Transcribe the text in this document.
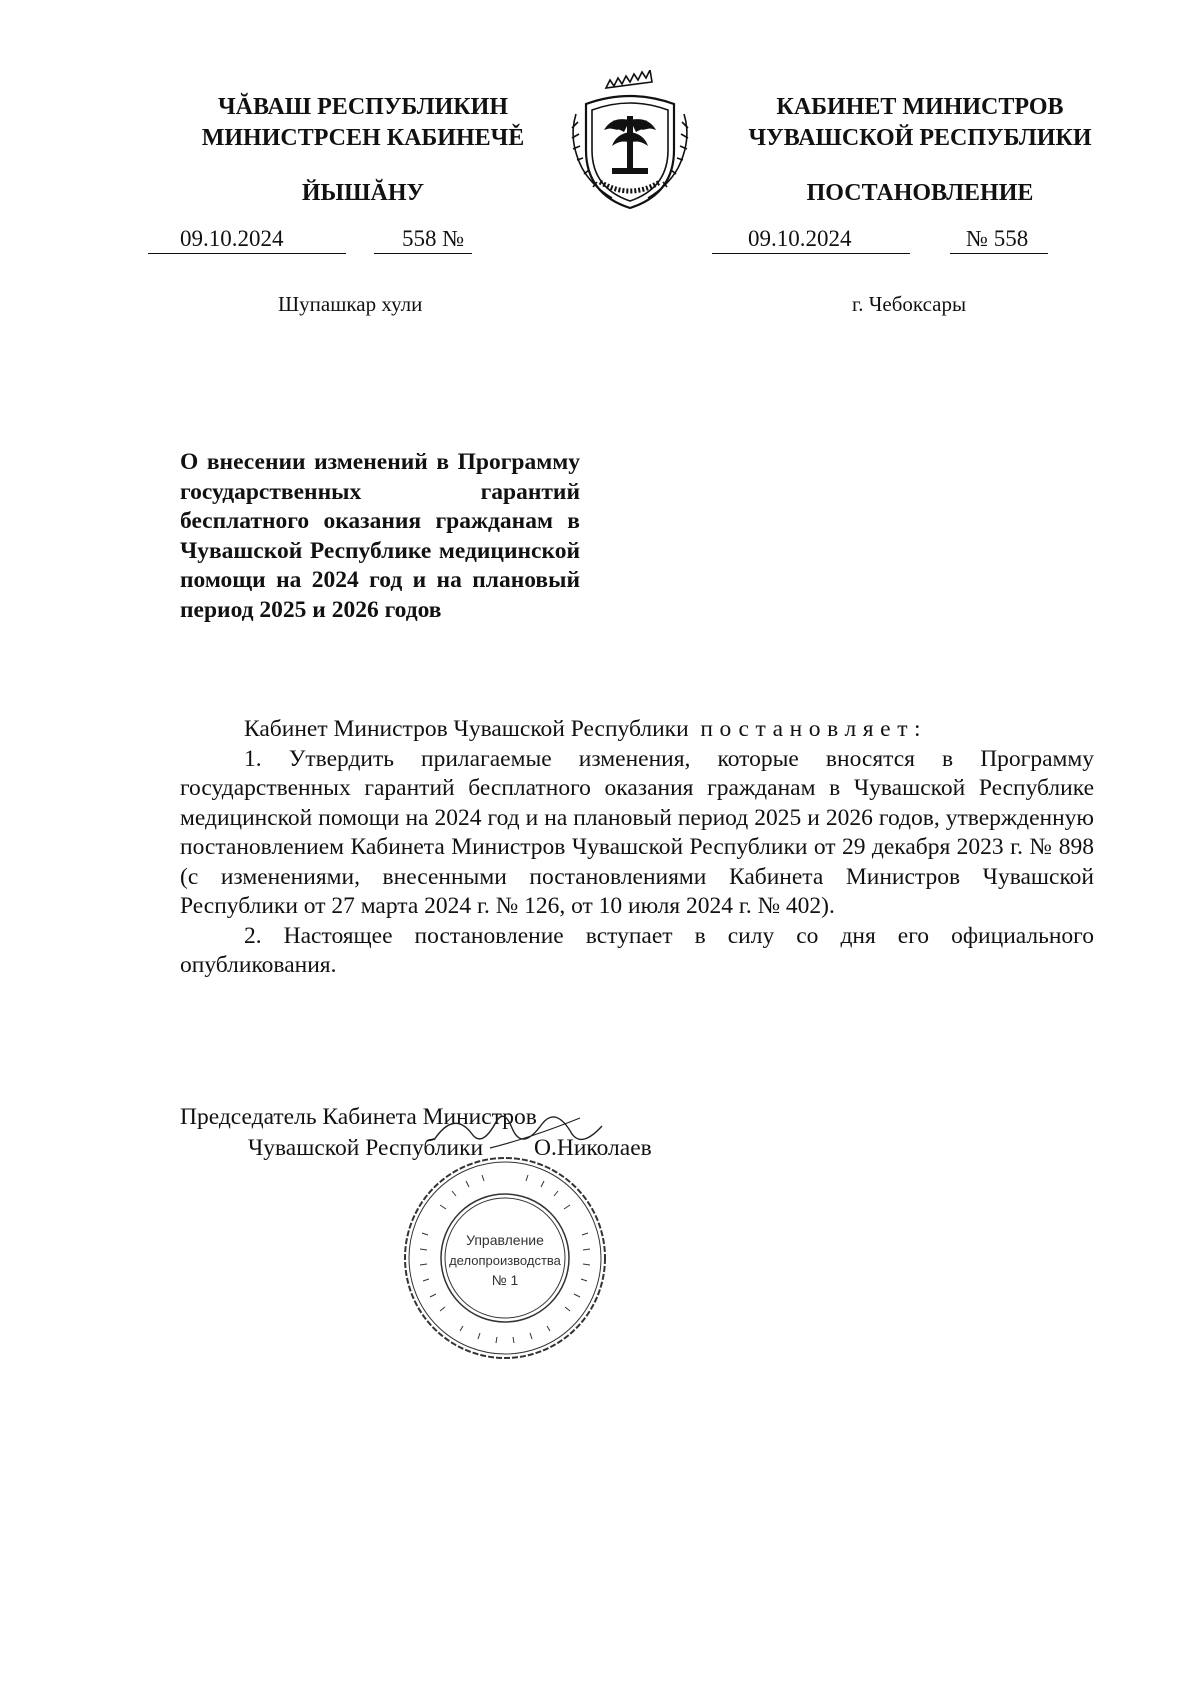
ЧĂВАШ РЕСПУБЛИКИН
МИНИСТРСЕН КАБИНЕЧĚ
ЙЫШĂНУ
КАБИНЕТ МИНИСТРОВ
ЧУВАШСКОЙ РЕСПУБЛИКИ
ПОСТАНОВЛЕНИЕ
09.10.2024	558 №	09.10.2024	№ 558
Шупашкар хули	г. Чебоксары
О внесении изменений в Программу государственных гарантий бесплатного оказания гражданам в Чувашской Республике медицинской помощи на 2024 год и на плановый период 2025 и 2026 годов

Кабинет Министров Чувашской Республики постановляет:

1. Утвердить прилагаемые изменения, которые вносятся в Программу государственных гарантий бесплатного оказания гражданам в Чувашской Республике медицинской помощи на 2024 год и на плановый период 2025 и 2026 годов, утвержденную постановлением Кабинета Министров Чувашской Республики от 29 декабря 2023 г. № 898 (с изменениями, внесенными постановлениями Кабинета Министров Чувашской Республики от 27 марта 2024 г. № 126, от 10 июля 2024 г. № 402).

2. Настоящее постановление вступает в силу со дня его официального опубликования.

Председатель Кабинета Министров
Чувашской Республики О.Николаев
Управление
делопроизводства
№ 1
